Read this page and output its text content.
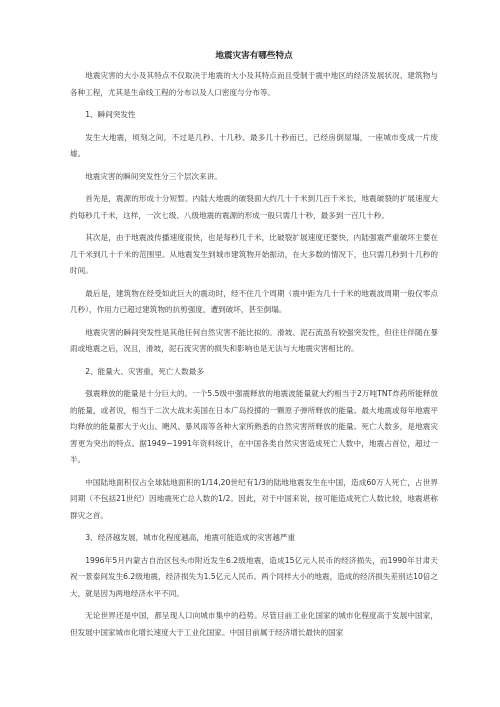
地震灾害有哪些特点

地震灾害的大小及其特点不仅取决于地震的大小及其特点而且受制于震中地区的经济发展状况、建筑物与各种工程，尤其是生命线工程的分布以及人口密度与分布等。

1、瞬间突发性

发生大地震，顷刻之间，不过是几秒、十几秒、最多几十秒而已，已经房倒屋塌，一座城市变成一片废墟。

地震灾害的瞬间突发性分三个层次来讲。

首先是，震源的形成十分短暂。内陆大地震的破裂面大约几十千米到几百千米长，地震破裂的扩展速度大约每秒几千米，这样，一次七级、八级地震的震源的形成一般只需几十秒，最多到一百几十秒。

其次是，由于地震波传播速度很快，也是每秒几千米，比破裂扩展速度还要快，内陆强震严重破坏主要在几千米到几十千米的范围里。从地震发生到城市建筑物开始振动，在大多数的情况下，也只需几秒到十几秒的时间。

最后是，建筑物在经受如此巨大的震动时，经不住几个周期（震中距为几十千米的地震波周期一般仅零点几秒），作用力已超过建筑物的抗剪强度，遭到破坏，甚至倒塌。

地震灾害的瞬间突发性是其他任何自然灾害不能比拟的。滑坡、泥石流虽有较强突发性，但往往伴随在暴雨或地震之后，况且，滑坡，泥石流灾害的损失和影响也是无法与大地震灾害相比的。

2、能量大、灾害重，死亡人数最多

强震释放的能量是十分巨大的。一个5.5级中强震释放的地震波能量就大约相当于2万吨TNT炸药所能释放的能量，或者说，相当于二次大战末美国在日本广岛投掷的一颗原子弹所释放的能量。最大地震或每年地震平均释放的能量都大于火山、飓风、暴风雨等各种大家所熟悉的自然灾害所释放的能量。死亡人数多，是地震灾害更为突出的特点。据1949~1991年资料统计，在中国各类自然灾害造成死亡人数中，地震占首位，超过一半。

中国陆地面积仅占全球陆地面积的1/14,20世纪有1/3的陆地地震发生在中国，造成60万人死亡，占世界同期（不包括21世纪）因地震死亡总人数的1/2。因此，对于中国来说，按可能造成死亡人数比较，地震堪称群灾之首。

3、经济越发展，城市化程度越高，地震可能造成的灾害越严重

1996年5月内蒙古自治区包头市附近发生6.2级地震，造成15亿元人民币的经济损失，而1990年甘肃天祝一景泰间发生6.2级地震，经济损失为1.5亿元人民币。两个同样大小的地震，造成的经济损失差别达10倍之大，就是因为两地经济水平不同。

无论世界还是中国，都呈现人口向城市集中的趋势。尽管目前工业化国家的城市化程度高于发展中国家，但发展中国家城市化增长速度大于工业化国家。中国目前属于经济增长最快的国家
